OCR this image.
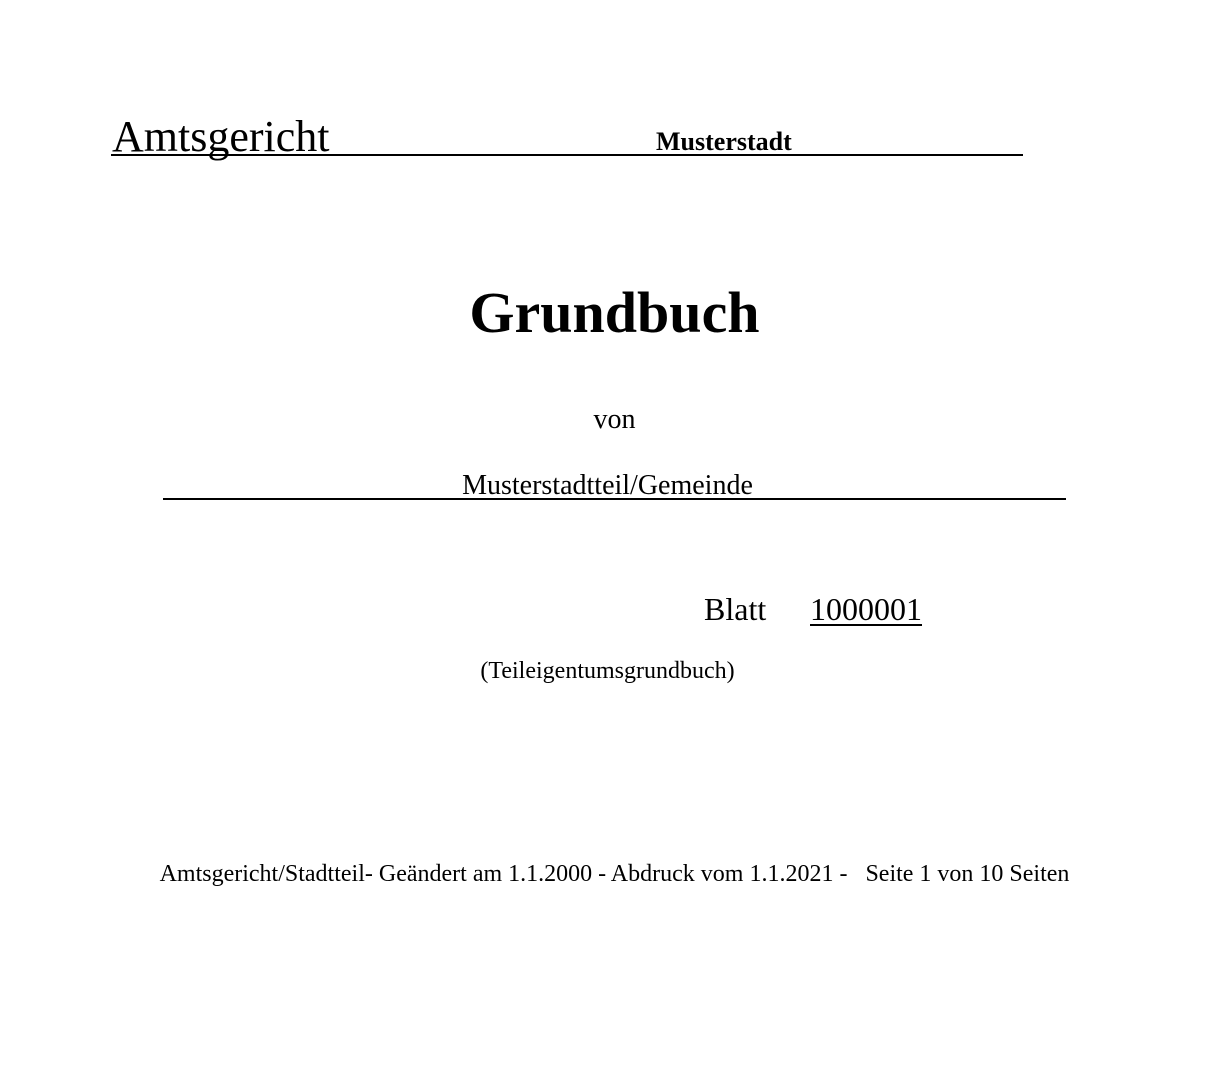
Amtsgericht	Musterstadt
Grundbuch
von
Musterstadtteil/Gemeinde
Blatt 1000001
(Teileigentumsgrundbuch)
Amtsgericht/Stadtteil- Geändert am 1.1.2000 - Abdruck vom 1.1.2021 -   Seite 1 von 10 Seiten
